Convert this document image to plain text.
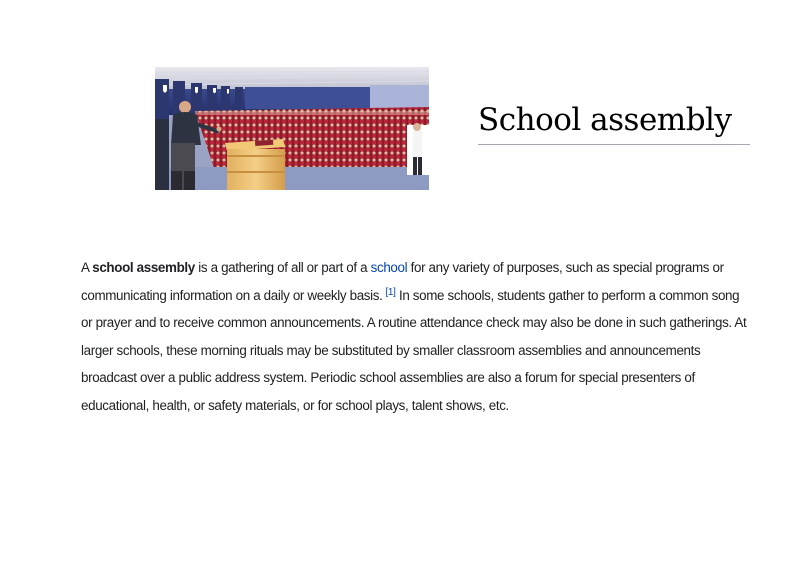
School assembly

A school assembly is a gathering of all or part of a school for any variety of purposes, such as special programs or communicating information on a daily or weekly basis. [1] In some schools, students gather to perform a common song or prayer and to receive common announcements. A routine attendance check may also be done in such gatherings. At larger schools, these morning rituals may be substituted by smaller classroom assemblies and announcements broadcast over a public address system. Periodic school assemblies are also a forum for special presenters of educational, health, or safety materials, or for school plays, talent shows, etc.
